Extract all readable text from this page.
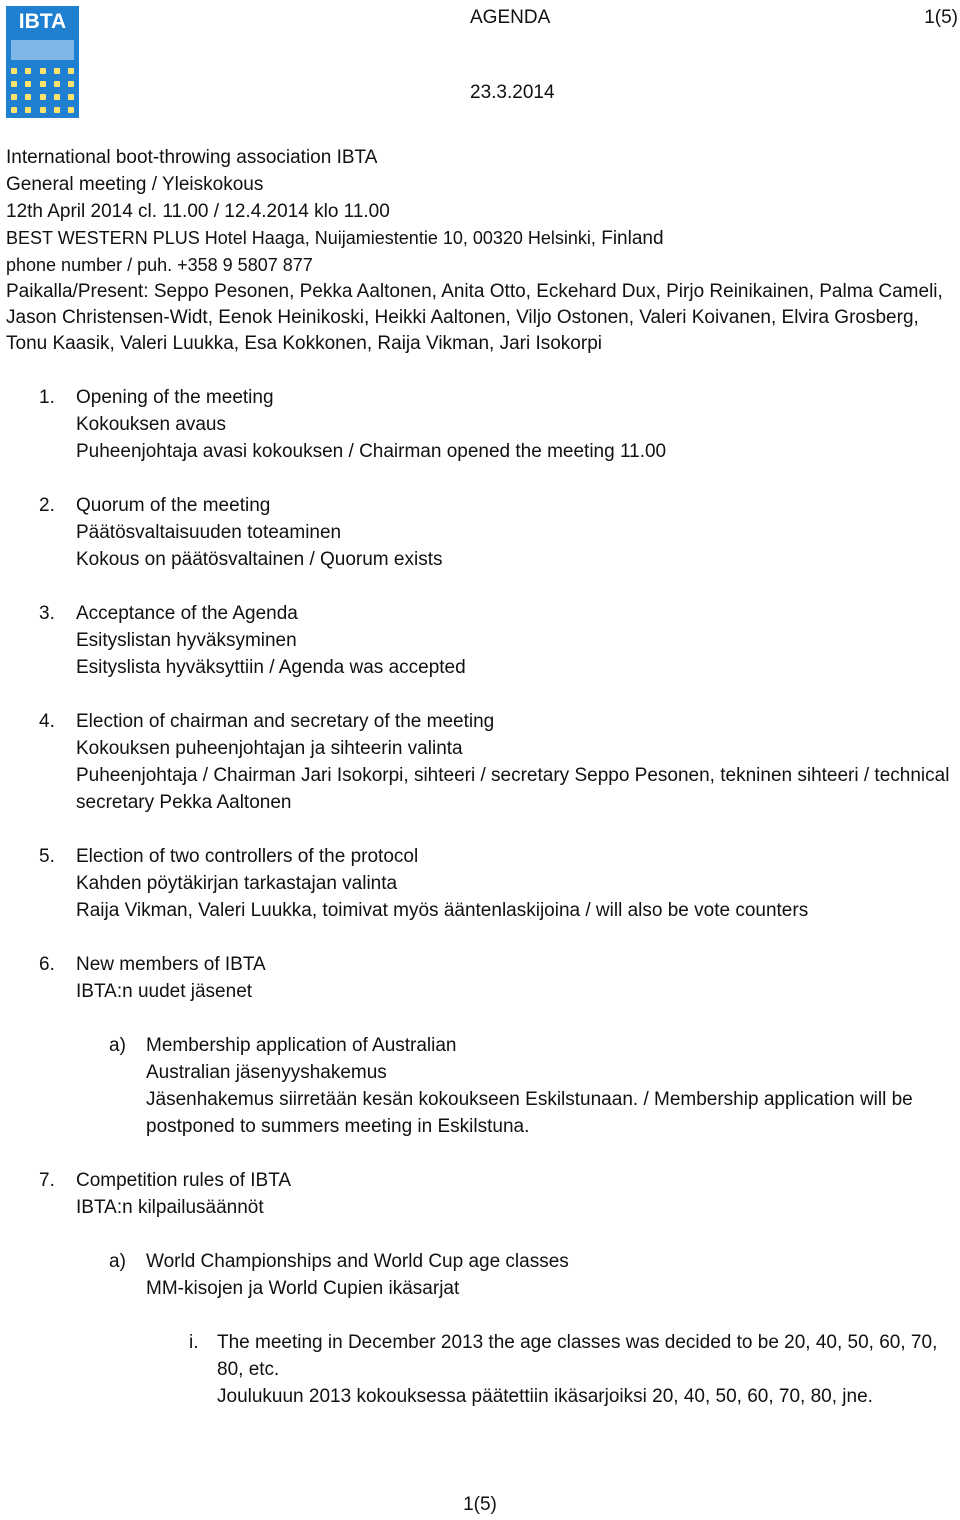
IBTA	AGENDA	1(5)
23.3.2014
International boot-throwing association IBTA
General meeting / Yleiskokous
12th April 2014 cl. 11.00 / 12.4.2014 klo 11.00
BEST WESTERN PLUS Hotel Haaga, Nuijamiestentie 10, 00320 Helsinki, Finland
phone number / puh. +358 9 5807 877
Paikalla/Present: Seppo Pesonen, Pekka Aaltonen, Anita Otto, Eckehard Dux, Pirjo Reinikainen, Palma Cameli, Jason Christensen-Widt, Eenok Heinikoski, Heikki Aaltonen, Viljo Ostonen, Valeri Koivanen, Elvira Grosberg, Tonu Kaasik, Valeri Luukka, Esa Kokkonen, Raija Vikman, Jari Isokorpi
1. Opening of the meeting
Kokouksen avaus
Puheenjohtaja avasi kokouksen / Chairman opened the meeting 11.00
2. Quorum of the meeting
Päätösvaltaisuuden toteaminen
Kokous on päätösvaltainen / Quorum exists
3. Acceptance of the Agenda
Esityslistan hyväksyminen
Esityslista hyväksyttiin / Agenda was accepted
4. Election of chairman and secretary of the meeting
Kokouksen puheenjohtajan ja sihteerin valinta
Puheenjohtaja / Chairman Jari Isokorpi, sihteeri / secretary Seppo Pesonen, tekninen sihteeri / technical secretary Pekka Aaltonen
5. Election of two controllers of the protocol
Kahden pöytäkirjan tarkastajan valinta
Raija Vikman, Valeri Luukka, toimivat myös ääntenlaskijoina / will also be vote counters
6. New members of IBTA
IBTA:n uudet jäsenet
a) Membership application of Australian
Australian jäsenyyshakemus
Jäsenhakemus siirretään kesän kokoukseen Eskilstunaan. / Membership application will be postponed to summers meeting in Eskilstuna.
7. Competition rules of IBTA
IBTA:n kilpailusäännöt
a) World Championships and World Cup age classes
MM-kisojen ja World Cupien ikäsarjat
i. The meeting in December 2013 the age classes was decided to be 20, 40, 50, 60, 70, 80, etc.
Joulukuun 2013 kokouksessa päätettiin ikäsarjoiksi 20, 40, 50, 60, 70, 80, jne.
1(5)
